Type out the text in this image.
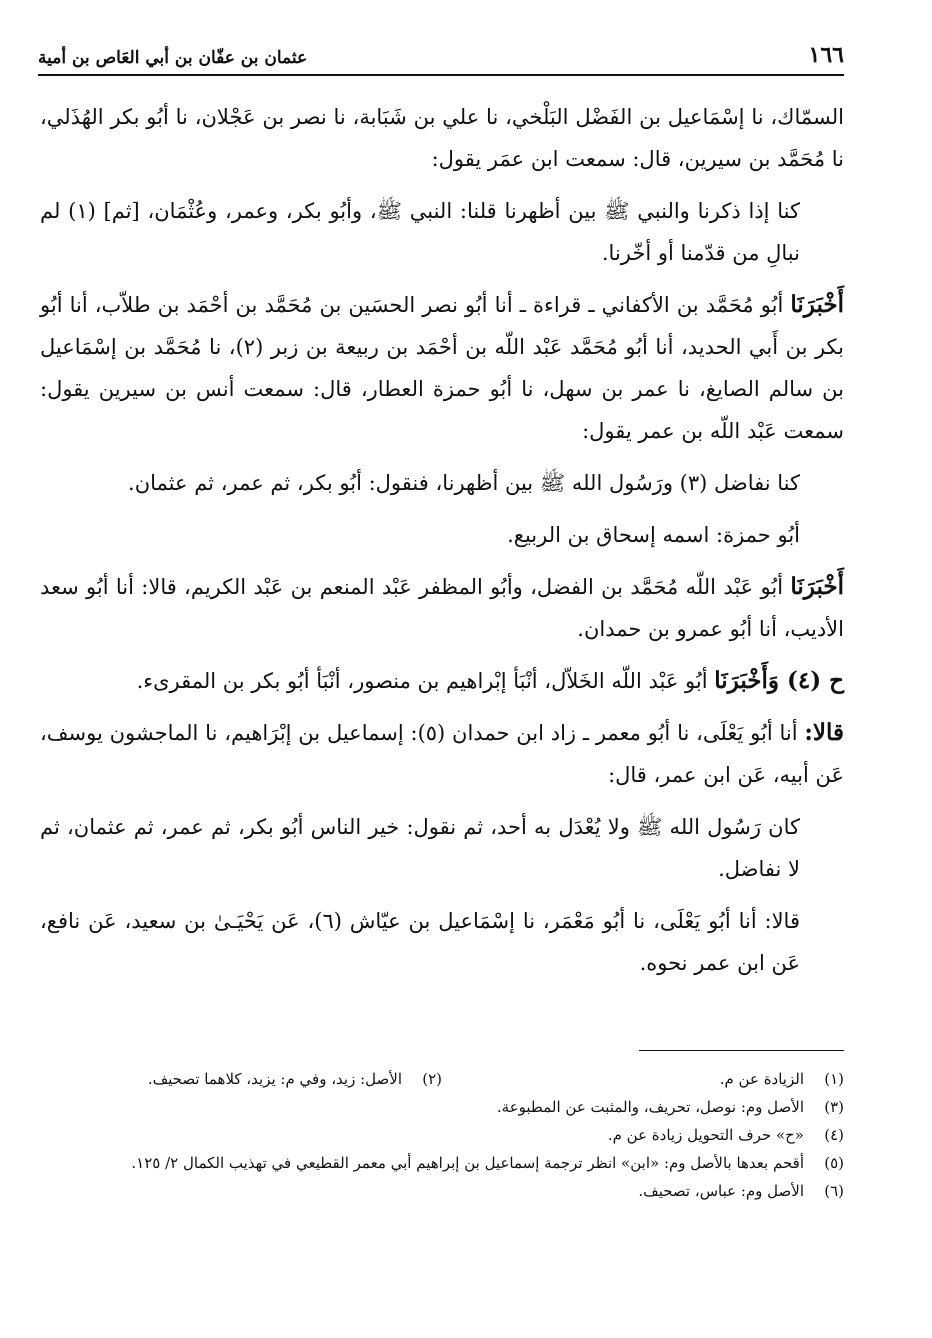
١٦٦
عثمان بن عفّان بن أبي العَاص بن أمية

السمّاك، نا إسْمَاعيل بن الفَضْل البَلْخي، نا علي بن شَبَابة، نا نصر بن عَجْلان، نا أبُو بكر الهُذَلي، نا مُحَمَّد بن سيرين، قال: سمعت ابن عمَر يقول:

كنا إذا ذكرنا والنبي ﷺ بين أظهرنا قلنا: النبي ﷺ، وأبُو بكر، وعمر، وعُثْمَان، [ثم] (١) لم نبالِ من قدّمنا أو أخّرنا.

أَخْبَرَنَا أبُو مُحَمَّد بن الأكفاني ـ قراءة ـ أنا أبُو نصر الحسَين بن مُحَمَّد بن أحْمَد بن طلاّب، أنا أبُو بكر بن أَبي الحديد، أنا أبُو مُحَمَّد عَبْد اللّه بن أحْمَد بن ربيعة بن زبر (٢)، نا مُحَمَّد بن إسْمَاعيل بن سالم الصايغ، نا عمر بن سهل، نا أبُو حمزة العطار، قال: سمعت أنس بن سيرين يقول: سمعت عَبْد اللّه بن عمر يقول:

كنا نفاضل (٣) ورَسُول الله ﷺ بين أظهرنا، فنقول: أبُو بكر، ثم عمر، ثم عثمان.

أبُو حمزة: اسمه إسحاق بن الربيع.

أَخْبَرَنَا أبُو عَبْد اللّه مُحَمَّد بن الفضل، وأبُو المظفر عَبْد المنعم بن عَبْد الكريم، قالا: أنا أبُو سعد الأديب، أنا أبُو عمرو بن حمدان.

ح (٤) وَأَخْبَرَنَا أبُو عَبْد اللّه الخَلاّل، أنْبَأ إبْراهيم بن منصور، أنْبَأ أبُو بكر بن المقرىء.

قالا: أنا أبُو يَعْلَى، نا أبُو معمر ـ زاد ابن حمدان (٥): إسماعيل بن إبْرَاهيم، نا الماجشون يوسف، عَن أبيه، عَن ابن عمر، قال:

كان رَسُول الله ﷺ ولا يُعْدَل به أحد، ثم نقول: خير الناس أبُو بكر، ثم عمر، ثم عثمان، ثم لا نفاضل.

قالا: أنا أبُو يَعْلَى، نا أبُو مَعْمَر، نا إسْمَاعيل بن عيّاش (٦)، عَن يَحْيَـىٰ بن سعيد، عَن نافع، عَن ابن عمر نحوه.

(١)
الزيادة عن م.
(٢)
الأصل: زيد، وفي م: يزيد، كلاهما تصحيف.
(٣)
الأصل وم: نوصل، تحريف، والمثبت عن المطبوعة.
(٤)
«ح» حرف التحويل زيادة عن م.
(٥)
أقحم بعدها بالأصل وم: «ابن» انظر ترجمة إسماعيل بن إبراهيم أبي معمر القطيعي في تهذيب الكمال ٢/ ١٢٥.
(٦)
الأصل وم: عباس، تصحيف.
